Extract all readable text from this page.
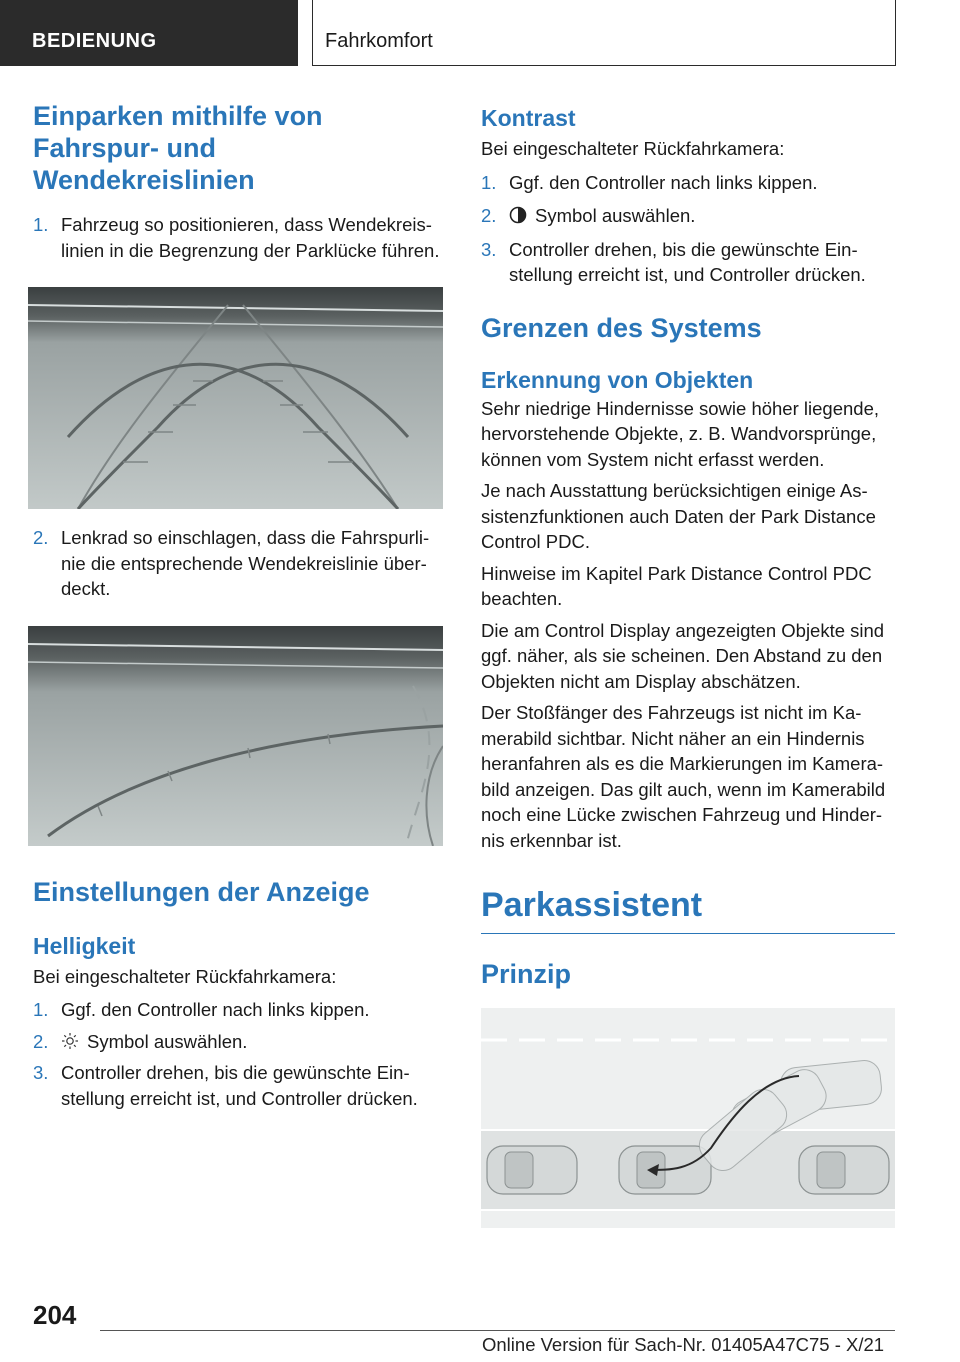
BEDIENUNG	Fahrkomfort
Einparken mithilfe von Fahrspur- und Wendekreislinien
1. Fahrzeug so positionieren, dass Wendekreislinien in die Begrenzung der Parklücke führen.
2. Lenkrad so einschlagen, dass die Fahrspurlinie die entsprechende Wendekreislinie überdeckt.
Einstellungen der Anzeige
Helligkeit

Bei eingeschalteter Rückfahrkamera:

1. Ggf. den Controller nach links kippen.
2. Symbol auswählen.
3. Controller drehen, bis die gewünschte Einstellung erreicht ist, und Controller drücken.
Kontrast

Bei eingeschalteter Rückfahrkamera:

1. Ggf. den Controller nach links kippen.
2. Symbol auswählen.
3. Controller drehen, bis die gewünschte Einstellung erreicht ist, und Controller drücken.
Grenzen des Systems
Erkennung von Objekten

Sehr niedrige Hindernisse sowie höher liegende, hervorstehende Objekte, z. B. Wandvorsprünge, können vom System nicht erfasst werden.

Je nach Ausstattung berücksichtigen einige Assistenzfunktionen auch Daten der Park Distance Control PDC.

Hinweise im Kapitel Park Distance Control PDC beachten.

Die am Control Display angezeigten Objekte sind ggf. näher, als sie scheinen. Den Abstand zu den Objekten nicht am Display abschätzen.

Der Stoßfänger des Fahrzeugs ist nicht im Kamerabild sichtbar. Nicht näher an ein Hindernis heranfahren als es die Markierungen im Kamerabild anzeigen. Das gilt auch, wenn im Kamerabild noch eine Lücke zwischen Fahrzeug und Hindernis erkennbar ist.

Parkassistent
Prinzip
204
Online Version für Sach-Nr. 01405A47C75 - X/21
